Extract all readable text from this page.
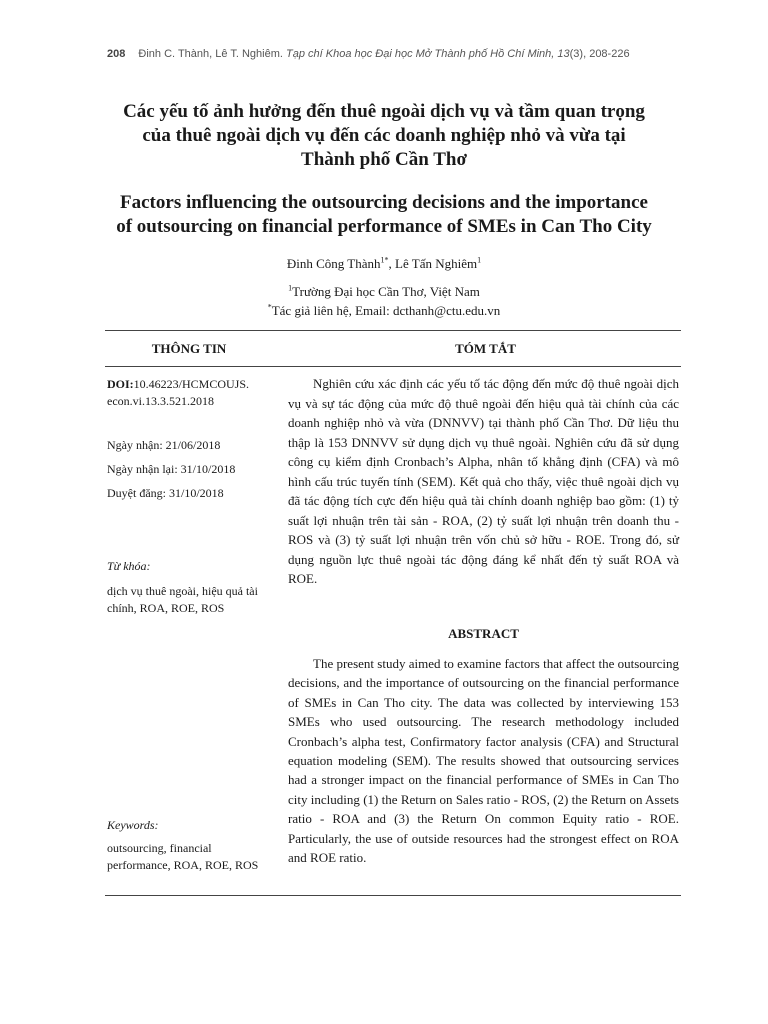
208 Đinh C. Thành, Lê T. Nghiêm. Tạp chí Khoa học Đại học Mở Thành phố Hồ Chí Minh, 13(3), 208-226
Các yếu tố ảnh hưởng đến thuê ngoài dịch vụ và tầm quan trọng
của thuê ngoài dịch vụ đến các doanh nghiệp nhỏ và vừa tại
Thành phố Cần Thơ
Factors influencing the outsourcing decisions and the importance
of outsourcing on financial performance of SMEs in Can Tho City
Đinh Công Thành$^{1*}$, Lê Tấn Nghiêm$^1$
$^1$Trường Đại học Cần Thơ, Việt Nam
*Tác giả liên hệ, Email: dcthanh@ctu.edu.vn
THÔNG TIN	TÓM TẮT
DOI:10.46223/HCMCOUJS.
econ.vi.13.3.521.2018
Ngày nhận: 21/06/2018
Ngày nhận lại: 31/10/2018
Duyệt đăng: 31/10/2018
Từ khóa:
dịch vụ thuê ngoài, hiệu quả tài chính, ROA, ROE, ROS
Keywords:
outsourcing, financial performance, ROA, ROE, ROS

Nghiên cứu xác định các yếu tố tác động đến mức độ thuê ngoài dịch vụ và sự tác động của mức độ thuê ngoài đến hiệu quả tài chính của các doanh nghiệp nhỏ và vừa (DNNVV) tại thành phố Cần Thơ. Dữ liệu thu thập là 153 DNNVV sử dụng dịch vụ thuê ngoài. Nghiên cứu đã sử dụng công cụ kiểm định Cronbach’s Alpha, nhân tố khẳng định (CFA) và mô hình cấu trúc tuyến tính (SEM). Kết quả cho thấy, việc thuê ngoài dịch vụ đã tác động tích cực đến hiệu quả tài chính doanh nghiệp bao gồm: (1) tỷ suất lợi nhuận trên tài sản - ROA, (2) tỷ suất lợi nhuận trên doanh thu - ROS và (3) tỷ suất lợi nhuận trên vốn chủ sở hữu - ROE. Trong đó, sử dụng nguồn lực thuê ngoài tác động đáng kể nhất đến tỷ suất ROA và ROE.

ABSTRACT

The present study aimed to examine factors that affect the outsourcing decisions, and the importance of outsourcing on the financial performance of SMEs in Can Tho city. The data was collected by interviewing 153 SMEs who used outsourcing. The research methodology included Cronbach’s alpha test, Confirmatory factor analysis (CFA) and Structural equation modeling (SEM). The results showed that outsourcing services had a stronger impact on the financial performance of SMEs in Can Tho city including (1) the Return on Sales ratio - ROS, (2) the Return on Assets ratio - ROA and (3) the Return On common Equity ratio - ROE. Particularly, the use of outside resources had the strongest effect on ROA and ROE ratio.
